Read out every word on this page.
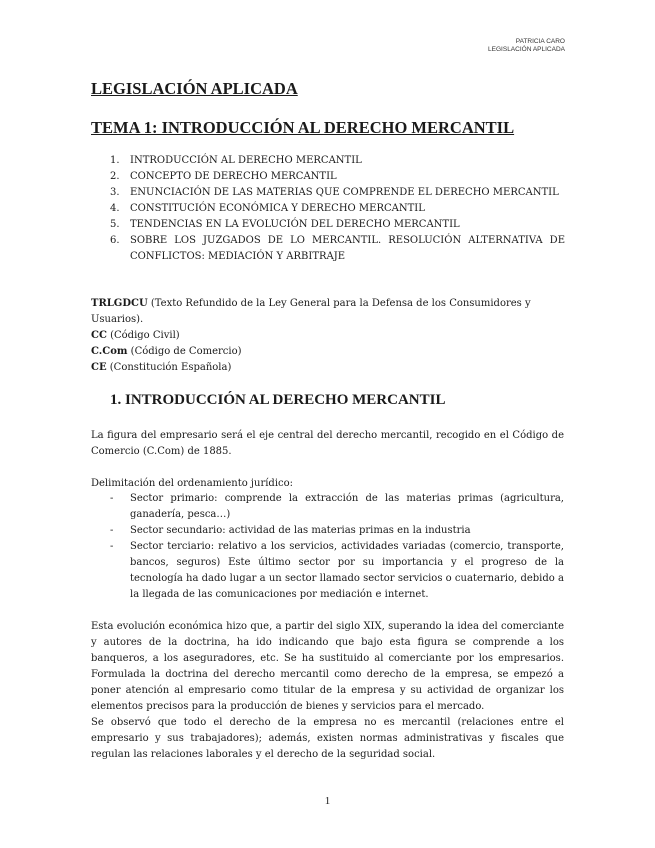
PATRICIA CARO
LEGISLACIÓN APLICADA
LEGISLACIÓN APLICADA
TEMA 1: INTRODUCCIÓN AL DERECHO MERCANTIL
1.	INTRODUCCIÓN AL DERECHO MERCANTIL
2.	CONCEPTO DE DERECHO MERCANTIL
3.	ENUNCIACIÓN DE LAS MATERIAS QUE COMPRENDE EL DERECHO MERCANTIL
4.	CONSTITUCIÓN ECONÓMICA Y DERECHO MERCANTIL
5.	TENDENCIAS EN LA EVOLUCIÓN DEL DERECHO MERCANTIL
6.	SOBRE LOS JUZGADOS DE LO MERCANTIL. RESOLUCIÓN ALTERNATIVA DE CONFLICTOS: MEDIACIÓN Y ARBITRAJE
TRLGDCU (Texto Refundido de la Ley General para la Defensa de los Consumidores y Usuarios).
CC (Código Civil)
C.Com (Código de Comercio)
CE (Constitución Española)
1. INTRODUCCIÓN AL DERECHO MERCANTIL

La figura del empresario será el eje central del derecho mercantil, recogido en el Código de Comercio (C.Com) de 1885.

Delimitación del ordenamiento jurídico:

-	Sector primario: comprende la extracción de las materias primas (agricultura, ganadería, pesca…)
-	Sector secundario: actividad de las materias primas en la industria
-	Sector terciario: relativo a los servicios, actividades variadas (comercio, transporte, bancos, seguros) Este último sector por su importancia y el progreso de la tecnología ha dado lugar a un sector llamado sector servicios o cuaternario, debido a la llegada de las comunicaciones por mediación e internet.

Esta evolución económica hizo que, a partir del siglo XIX, superando la idea del comerciante y autores de la doctrina, ha ido indicando que bajo esta figura se comprende a los banqueros, a los aseguradores, etc. Se ha sustituido al comerciante por los empresarios. Formulada la doctrina del derecho mercantil como derecho de la empresa, se empezó a poner atención al empresario como titular de la empresa y su actividad de organizar los elementos precisos para la producción de bienes y servicios para el mercado.

Se observó que todo el derecho de la empresa no es mercantil (relaciones entre el empresario y sus trabajadores); además, existen normas administrativas y fiscales que regulan las relaciones laborales y el derecho de la seguridad social.

1
